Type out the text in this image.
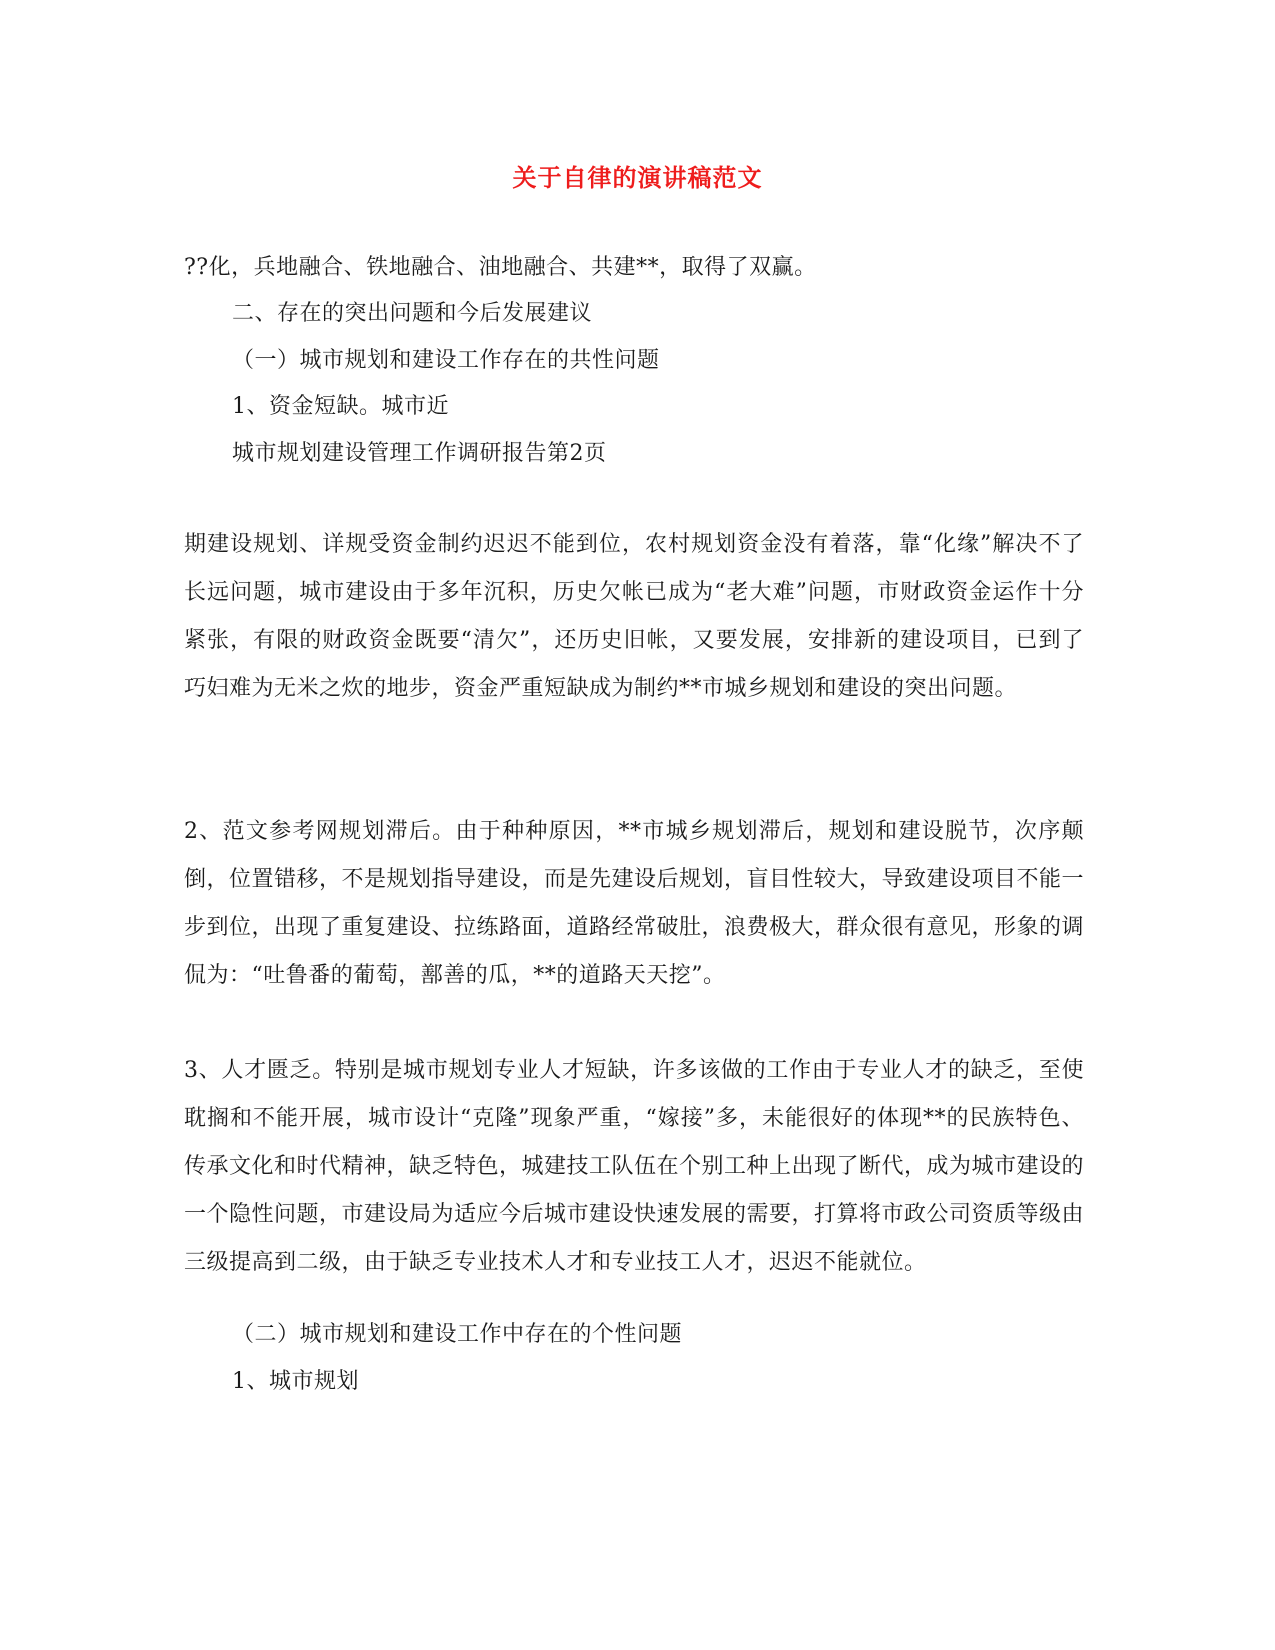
关于自律的演讲稿范文
??化，兵地融合、铁地融合、油地融合、共建**，取得了双赢。
二、存在的突出问题和今后发展建议
（一）城市规划和建设工作存在的共性问题
1、资金短缺。城市近
城市规划建设管理工作调研报告第2页
期建设规划、详规受资金制约迟迟不能到位，农村规划资金没有着落，靠“化缘”解决不了长远问题，城市建设由于多年沉积，历史欠帐已成为“老大难”问题，市财政资金运作十分紧张，有限的财政资金既要“清欠”，还历史旧帐，又要发展，安排新的建设项目，已到了巧妇难为无米之炊的地步，资金严重短缺成为制约**市城乡规划和建设的突出问题。
2、范文参考网规划滞后。由于种种原因，**市城乡规划滞后，规划和建设脱节，次序颠倒，位置错移，不是规划指导建设，而是先建设后规划，盲目性较大，导致建设项目不能一步到位，出现了重复建设、拉练路面，道路经常破肚，浪费极大，群众很有意见，形象的调侃为：“吐鲁番的葡萄，鄯善的瓜，**的道路天天挖”。
3、人才匮乏。特别是城市规划专业人才短缺，许多该做的工作由于专业人才的缺乏，至使耽搁和不能开展，城市设计“克隆”现象严重，“嫁接”多，未能很好的体现**的民族特色、传承文化和时代精神，缺乏特色，城建技工队伍在个别工种上出现了断代，成为城市建设的一个隐性问题，市建设局为适应今后城市建设快速发展的需要，打算将市政公司资质等级由三级提高到二级，由于缺乏专业技术人才和专业技工人才，迟迟不能就位。
（二）城市规划和建设工作中存在的个性问题
1、城市规划
